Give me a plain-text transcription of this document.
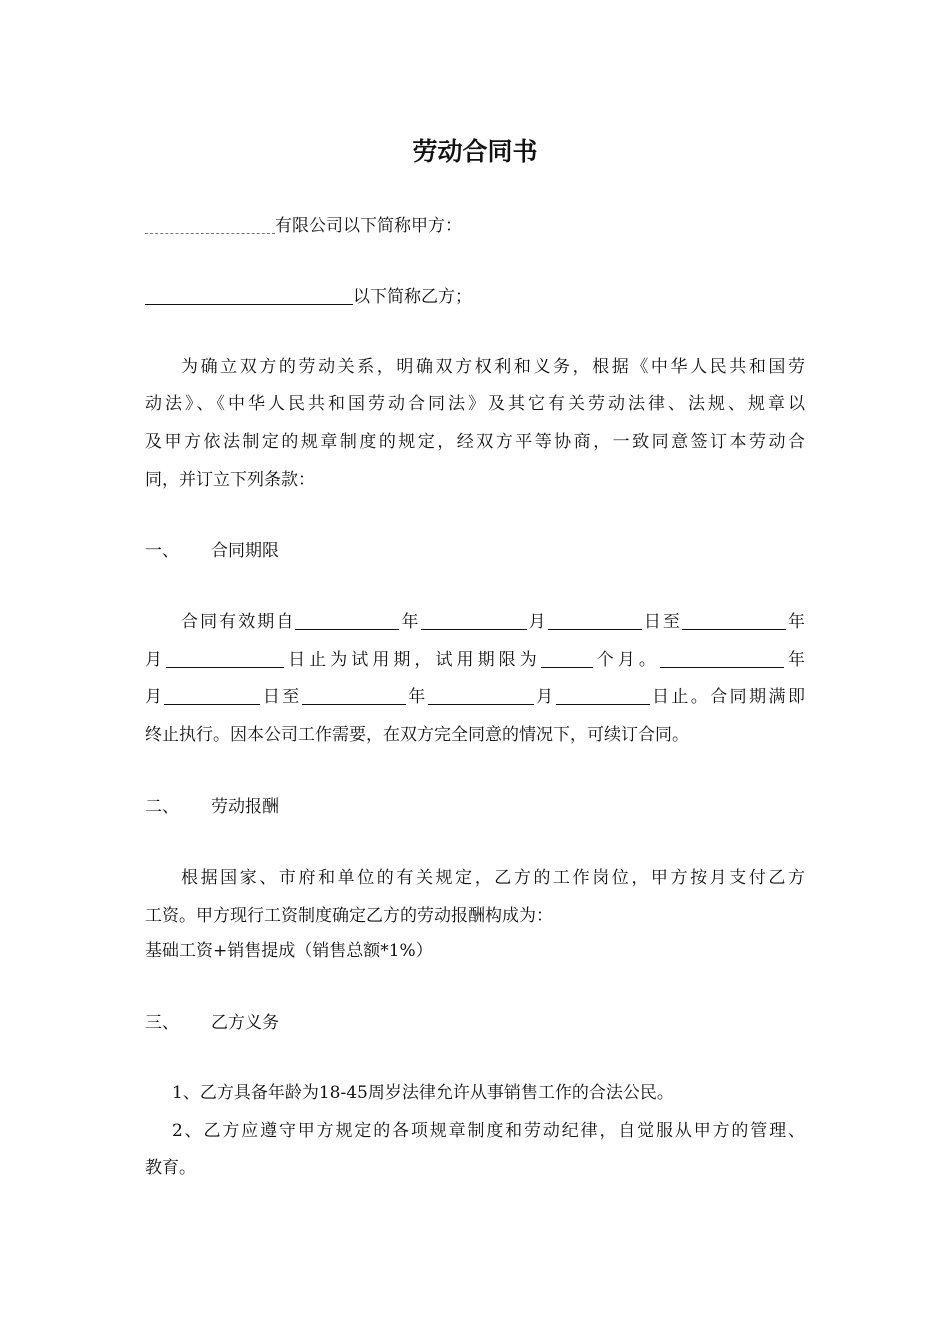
劳动合同书
有限公司以下简称甲方：
以下简称乙方；
为确立双方的劳动关系，明确双方权利和义务，根据《中华人民共和国劳
动法》、《中华人民共和国劳动合同法》及其它有关劳动法律、法规、规章以
及甲方依法制定的规章制度的规定，经双方平等协商，一致同意签订本劳动合
同，并订立下列条款：
一、 合同期限
合同有效期自	年	月	日至	年
月	日止为试用期，试用期限为	个月。	年
月	日至	年	月	日止。合同期满即
终止执行。因本公司工作需要，在双方完全同意的情况下，可续订合同。
二、 劳动报酬
根据国家、市府和单位的有关规定，乙方的工作岗位，甲方按月支付乙方
工资。甲方现行工资制度确定乙方的劳动报酬构成为：
基础工资+销售提成（销售总额*1%）
三、 乙方义务
1、乙方具备年龄为18-45周岁法律允许从事销售工作的合法公民。
2、乙方应遵守甲方规定的各项规章制度和劳动纪律，自觉服从甲方的管理、
教育。
